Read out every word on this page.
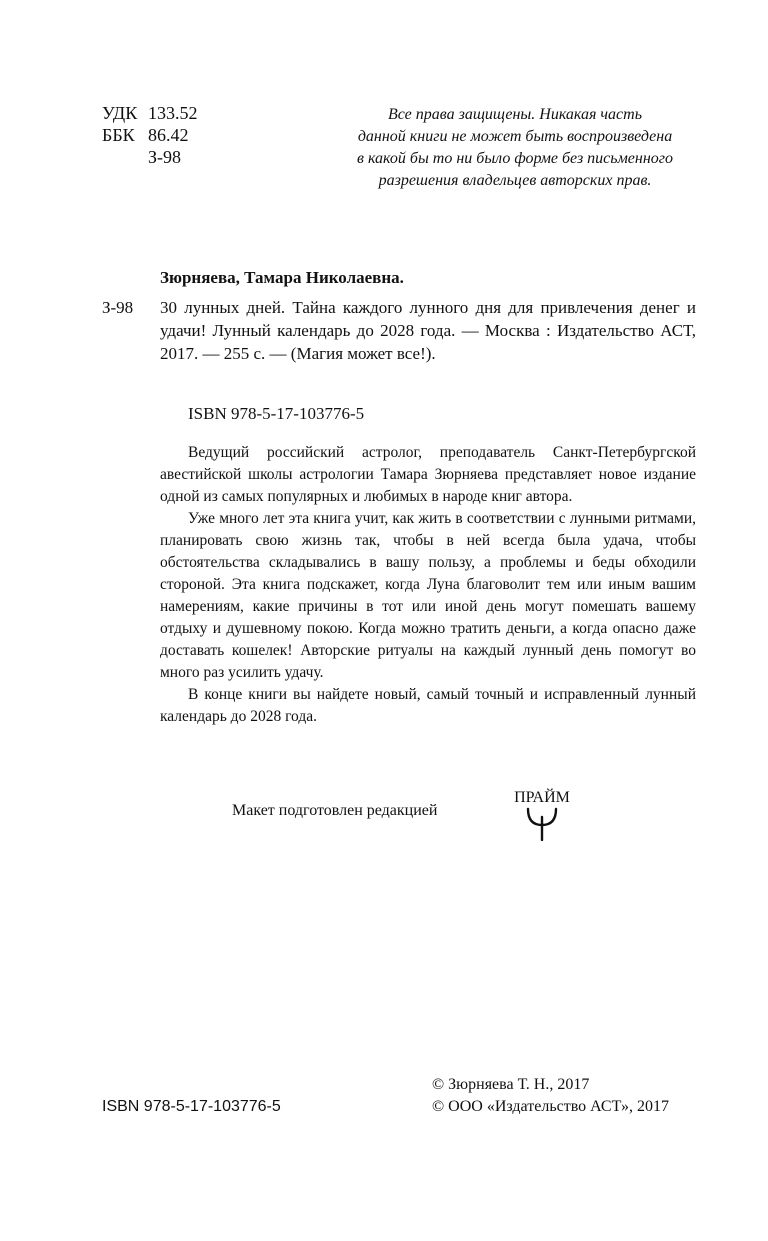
УДК 133.52
ББК 86.42
З-98
Все права защищены. Никакая часть
данной книги не может быть воспроизведена
в какой бы то ни было форме без письменного
разрешения владельцев авторских прав.
Зюрняева, Тамара Николаевна.
З-98 30 лунных дней. Тайна каждого лунного дня для привлечения денег и удачи! Лунный календарь до 2028 года. — Москва : Издательство АСТ, 2017. — 255 с. — (Магия может все!).
ISBN 978-5-17-103776-5

Ведущий российский астролог, преподаватель Санкт-Петербургской авестийской школы астрологии Тамара Зюрняева представляет новое издание одной из самых популярных и любимых в народе книг автора.

Уже много лет эта книга учит, как жить в соответствии с лунными ритмами, планировать свою жизнь так, чтобы в ней всегда была удача, чтобы обстоятельства складывались в вашу пользу, а проблемы и беды обходили стороной. Эта книга подскажет, когда Луна благоволит тем или иным вашим намерениям, какие причины в тот или иной день могут помешать вашему отдыху и душевному покою. Когда можно тратить деньги, а когда опасно даже доставать кошелек! Авторские ритуалы на каждый лунный день помогут во много раз усилить удачу.

В конце книги вы найдете новый, самый точный и исправленный лунный календарь до 2028 года.

Макет подготовлен редакцией
ПРАЙМ
ISBN 978-5-17-103776-5
© Зюрняева Т. Н., 2017
© ООО «Издательство АСТ», 2017
